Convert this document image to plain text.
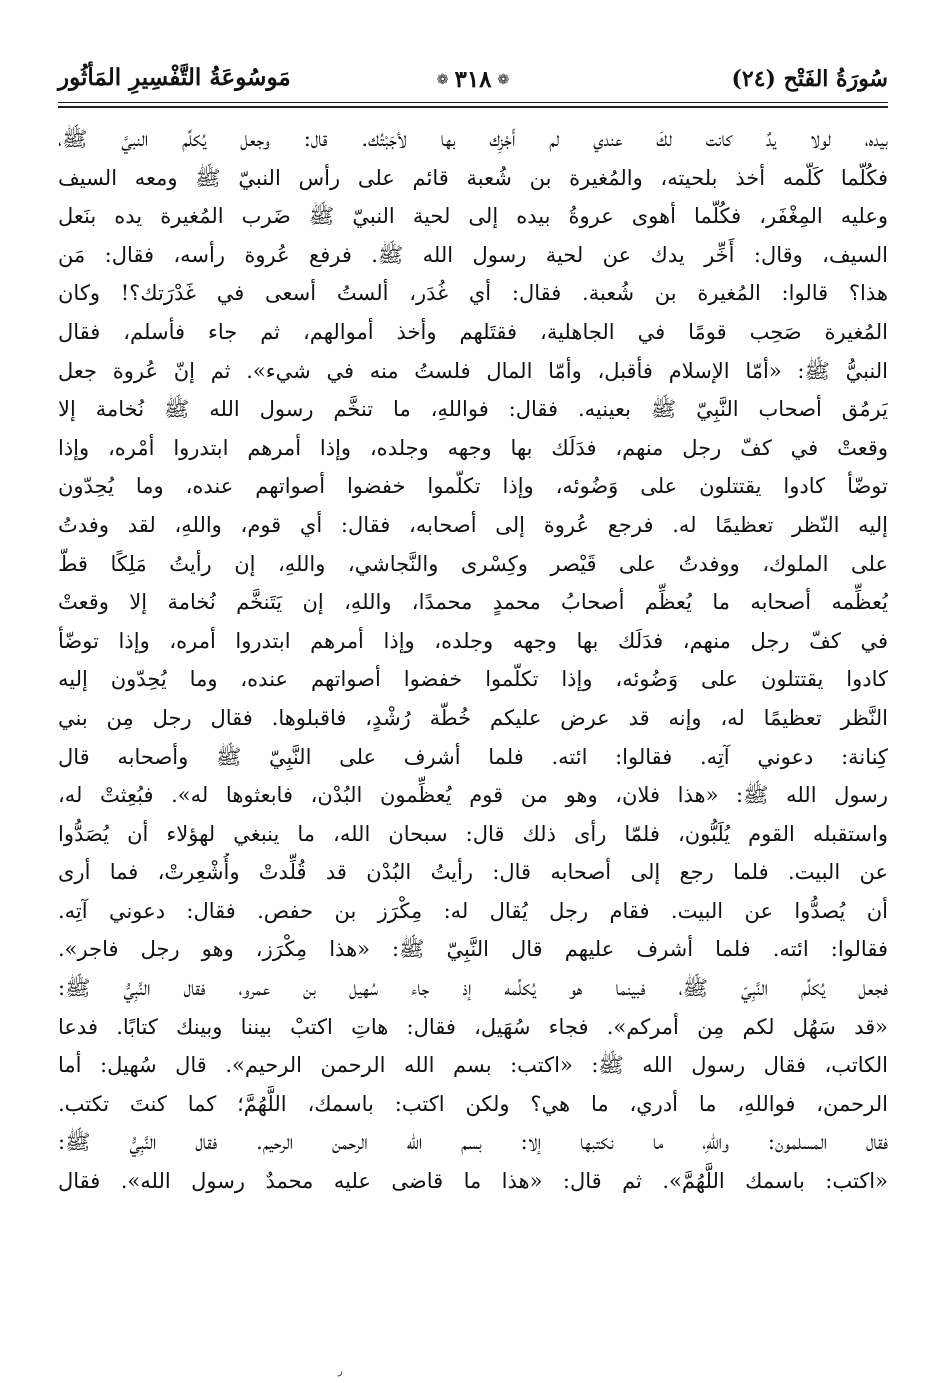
سُورَةُ الفَتْح (٢٤)
❁ ٣١٨ ❁
مَوسُوعَةُ التَّفْسِيرِ المَأثُور
بيده، لولا يدٌ كانت لكَ عندي لم أَجْزِك بها لأجَبْتُك. قال: وجعل يُكلِّم النبيَّ ﷺ،
فكُلّما كَلّمه أخذ بلحيته، والمُغيرة بن شُعبة قائم على رأس النبيّ ﷺ ومعه السيف
وعليه المِغْفَر، فكُلّما أهوى عروةُ بيده إلى لحية النبيّ ﷺ ضَرب المُغيرة يده بنَعل
السيف، وقال: أَخِّر يدك عن لحية رسول الله ﷺ. فرفع عُروة رأسه، فقال: مَن
هذا؟ قالوا: المُغيرة بن شُعبة. فقال: أي غُدَر، ألستُ أسعى في غَدْرَتك؟! وكان
المُغيرة صَحِب قومًا في الجاهلية، فقتَلهم وأخذ أموالهم، ثم جاء فأسلم، فقال
النبيُّ ﷺ: «أمّا الإسلام فأقبل، وأمّا المال فلستُ منه في شيء». ثم إنّ عُروة جعل
يَرمُق أصحاب النَّبِيّ ﷺ بعينيه. فقال: فواللهِ، ما تنخَّم رسول الله ﷺ نُخامة إلا
وقعتْ في كفّ رجل منهم، فدَلَك بها وجهه وجلده، وإذا أمرهم ابتدروا أمْره، وإذا
توضّأ كادوا يقتتلون على وَضُوئه، وإذا تكلّموا خفضوا أصواتهم عنده، وما يُحِدّون
إليه النّظر تعظيمًا له. فرجع عُروة إلى أصحابه، فقال: أي قوم، واللهِ، لقد وفدتُ
على الملوك، ووفدتُ على قَيْصر وكِسْرى والنَّجاشي، واللهِ، إن رأيتُ مَلِكًا قطّ
يُعظِّمه أصحابه ما يُعظِّم أصحابُ محمدٍ محمدًا، واللهِ، إن يَتَنخَّم نُخامة إلا وقعتْ
في كفّ رجل منهم، فدَلَك بها وجهه وجلده، وإذا أمرهم ابتدروا أمره، وإذا توضّأ
كادوا يقتتلون على وَضُوئه، وإذا تكلّموا خفضوا أصواتهم عنده، وما يُحِدّون إليه
النَّظر تعظيمًا له، وإنه قد عرض عليكم خُطّة رُشْدٍ، فاقبلوها. فقال رجل مِن بني
كِنانة: دعوني آتِه. فقالوا: ائته. فلما أشرف على النَّبِيّ ﷺ وأصحابه قال
رسول الله ﷺ: «هذا فلان، وهو من قوم يُعظِّمون البُدْن، فابعثوها له». فبُعِثتْ له،
واستقبله القوم يُلَبُّون، فلمّا رأى ذلك قال: سبحان الله، ما ينبغي لهؤلاء أن يُصَدُّوا
عن البيت. فلما رجع إلى أصحابه قال: رأيتُ البُدْن قد قُلِّدتْ وأُشْعِرتْ، فما أرى
أن يُصدُّوا عن البيت. فقام رجل يُقال له: مِكْرَز بن حفص. فقال: دعوني آتِه.
فقالوا: ائته. فلما أشرف عليهم قال النَّبِيّ ﷺ: «هذا مِكْرَز، وهو رجل فاجر».
فجعل يُكلِّم النَّبِيّ ﷺ، فبينما هو يُكلِّمه إذ جاء سُهيل بن عمرو، فقال النَّبِيُّ ﷺ:
«قد سَهُل لكم مِن أمركم». فجاء سُهَيل، فقال: هاتِ اكتبْ بيننا وبينك كتابًا. فدعا
الكاتب، فقال رسول الله ﷺ: «اكتب: بسم الله الرحمن الرحيم». قال سُهيل: أما
الرحمن، فواللهِ، ما أدري، ما هي؟ ولكن اكتب: باسمك، اللَّهُمَّ؛ كما كنتَ تكتب.
فقال المسلمون: واللهِ، ما نكتبها إلا: بسم الله الرحمن الرحيم. فقال النَّبِيُّ ﷺ:
«اكتب: باسمك اللَّهُمَّ». ثم قال: «هذا ما قاضى عليه محمدٌ رسول الله». فقال
ر
